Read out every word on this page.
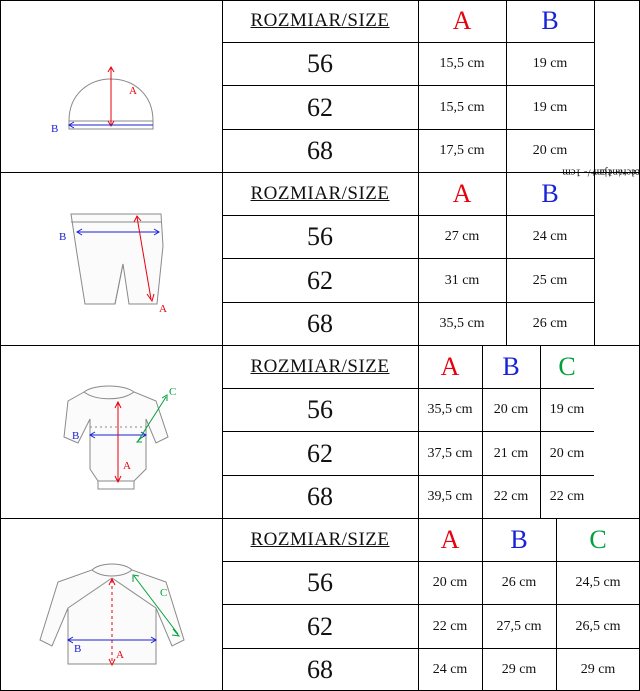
A
B
ROZMIAR/SIZE	A	B
56	15,5 cm	19 cm
62	15,5 cm	19 cm
68	17,5 cm	20 cm
B
A
ROZMIAR/SIZE	A	B
56	27 cm	24 cm
62	31 cm	25 cm
68	35,5 cm	26 cm
C
B
A
ROZMIAR/SIZE	A	B	C
56	35,5 cm	20 cm	19 cm
62	37,5 cm	21 cm	20 cm
68	39,5 cm	22 cm	22 cm
C
B	A
ROZMIAR/SIZE	A	B	C
56	20 cm	26 cm	24,5 cm
62	22 cm	27,5 cm	26,5 cm
68	24 cm	29 cm	29 cm
